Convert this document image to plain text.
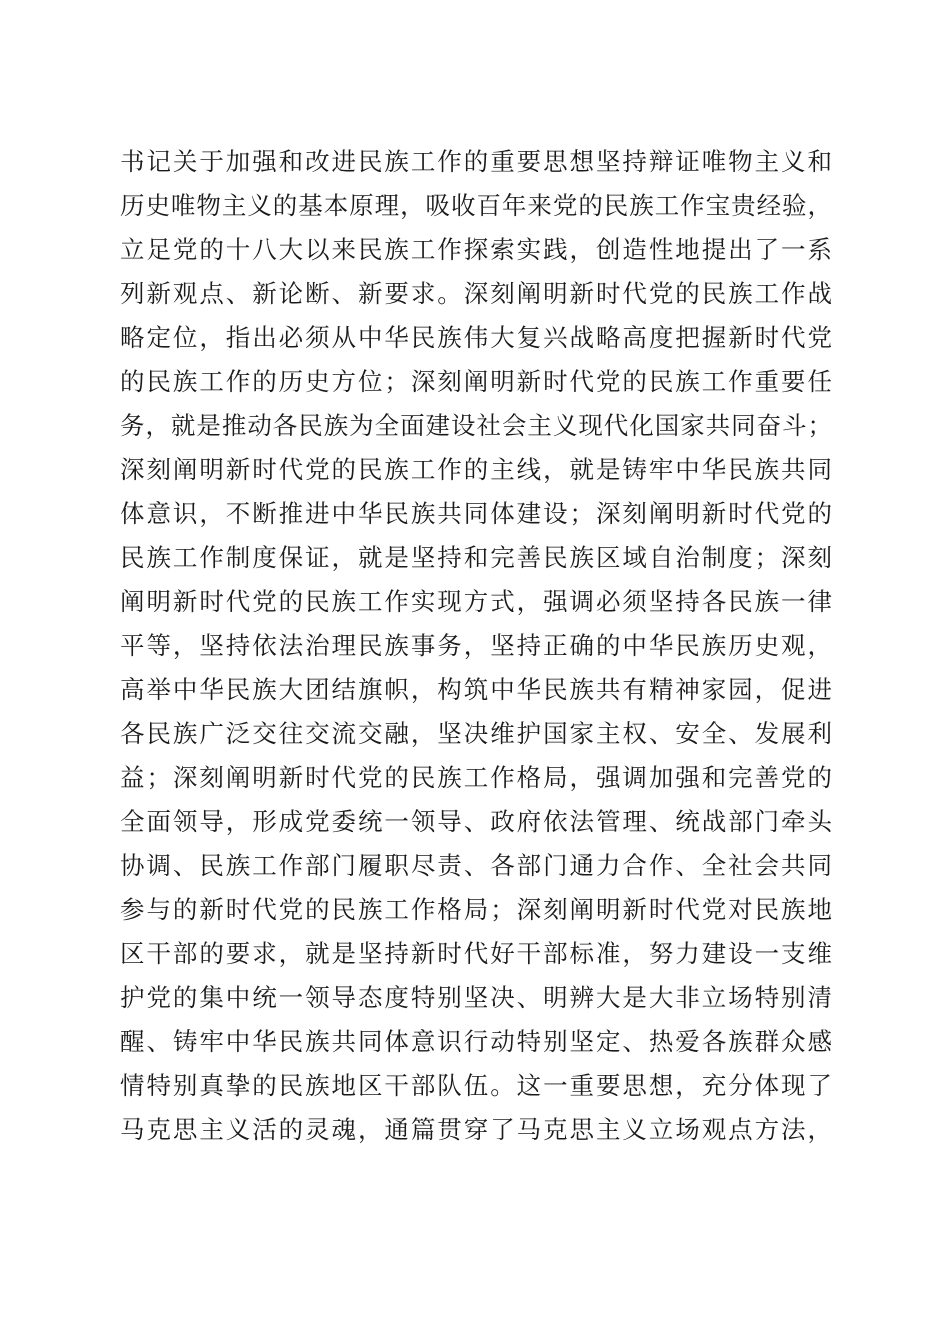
书记关于加强和改进民族工作的重要思想坚持辩证唯物主义和
历史唯物主义的基本原理，吸收百年来党的民族工作宝贵经验，
立足党的十八大以来民族工作探索实践，创造性地提出了一系
列新观点、新论断、新要求。深刻阐明新时代党的民族工作战
略定位，指出必须从中华民族伟大复兴战略高度把握新时代党
的民族工作的历史方位；深刻阐明新时代党的民族工作重要任
务，就是推动各民族为全面建设社会主义现代化国家共同奋斗；
深刻阐明新时代党的民族工作的主线，就是铸牢中华民族共同
体意识，不断推进中华民族共同体建设；深刻阐明新时代党的
民族工作制度保证，就是坚持和完善民族区域自治制度；深刻
阐明新时代党的民族工作实现方式，强调必须坚持各民族一律
平等，坚持依法治理民族事务，坚持正确的中华民族历史观，
高举中华民族大团结旗帜，构筑中华民族共有精神家园，促进
各民族广泛交往交流交融，坚决维护国家主权、安全、发展利
益；深刻阐明新时代党的民族工作格局，强调加强和完善党的
全面领导，形成党委统一领导、政府依法管理、统战部门牵头
协调、民族工作部门履职尽责、各部门通力合作、全社会共同
参与的新时代党的民族工作格局；深刻阐明新时代党对民族地
区干部的要求，就是坚持新时代好干部标准，努力建设一支维
护党的集中统一领导态度特别坚决、明辨大是大非立场特别清
醒、铸牢中华民族共同体意识行动特别坚定、热爱各族群众感
情特别真挚的民族地区干部队伍。这一重要思想，充分体现了
马克思主义活的灵魂，通篇贯穿了马克思主义立场观点方法，
